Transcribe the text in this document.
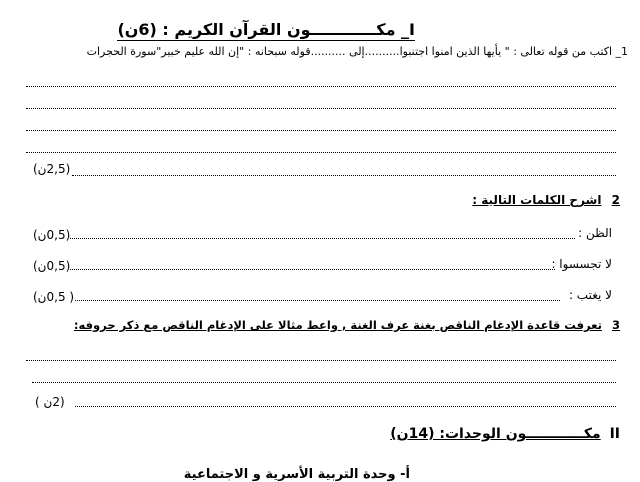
I_ مكــــــــــــون القرآن الكريم : (6ن)
1_ اكتب من قوله تعالى : " يأيها الذين امنوا اجتنبوا..........إلى ..........قوله سبحانه : "إن الله عليم خبير"سورة الحجرات
(2,5ن)
2 اشرح الكلمات التالية :
الظن :
(0,5ن)
لا تجسسوا :
(0,5ن)
لا يغتب :
( 0,5ن)
3 تعرفت قاعدة الإدغام الناقص بغنة عرف الغنة , واعط مثالا على الإدغام الناقص مع ذكر حروفه:
(2ن )
II مكــــــــــــون الوحدات: (14ن)
أ- وحدة التربية الأسرية و الاجتماعية
